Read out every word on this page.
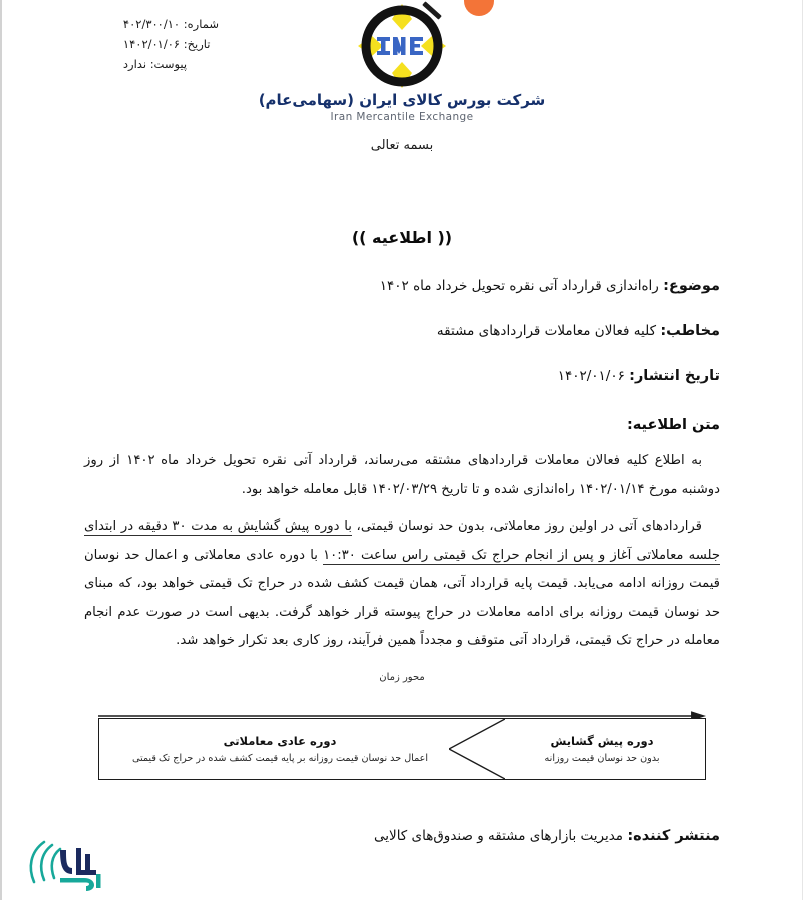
شماره: ۴۰۲/۳۰۰/۱۰
تاریخ: ۱۴۰۲/۰۱/۰۶
پیوست: ندارد
شرکت بورس کالای ایران (سهامی‌عام)
Iran Mercantile Exchange
بسمه تعالی
(( اطلاعیه ))
موضوع: راه‌اندازی قرارداد آتی نقره تحویل خرداد ماه ۱۴۰۲
مخاطب: کلیه فعالان معاملات قراردادهای مشتقه
تاریخ انتشار: ۱۴۰۲/۰۱/۰۶
متن اطلاعیه:

به اطلاع کلیه فعالان معاملات قراردادهای مشتقه می‌رساند، قرارداد آتی نقره تحویل خرداد ماه ۱۴۰۲ از روز دوشنبه مورخ ۱۴۰۲/۰۱/۱۴ راه‌اندازی شده و تا تاریخ ۱۴۰۲/۰۳/۲۹ قابل معامله خواهد بود.

قراردادهای آتی در اولین روز معاملاتی، بدون حد نوسان قیمتی، با دوره پیش گشایش به مدت ۳۰ دقیقه در ابتدای جلسه معاملاتی آغاز و پس از انجام حراج تک قیمتی راس ساعت ۱۰:۳۰ با دوره عادی معاملاتی و اعمال حد نوسان قیمت روزانه ادامه می‌یابد. قیمت پایه قرارداد آتی، همان قیمت کشف شده در حراج تک قیمتی خواهد بود، که مبنای حد نوسان قیمت روزانه برای ادامه معاملات در حراج پیوسته قرار خواهد گرفت. بدیهی است در صورت عدم انجام معامله در حراج تک قیمتی، قرارداد آتی متوقف و مجدداً همین فرآیند، روز کاری بعد تکرار خواهد شد.

محور زمان
دوره پیش گشایش
بدون حد نوسان قیمت روزانه
دوره عادی معاملاتی
اعمال حد نوسان قیمت روزانه بر پایه قیمت کشف شده در حراج تک قیمتی
منتشر کننده: مدیریت بازارهای مشتقه و صندوق‌های کالایی
